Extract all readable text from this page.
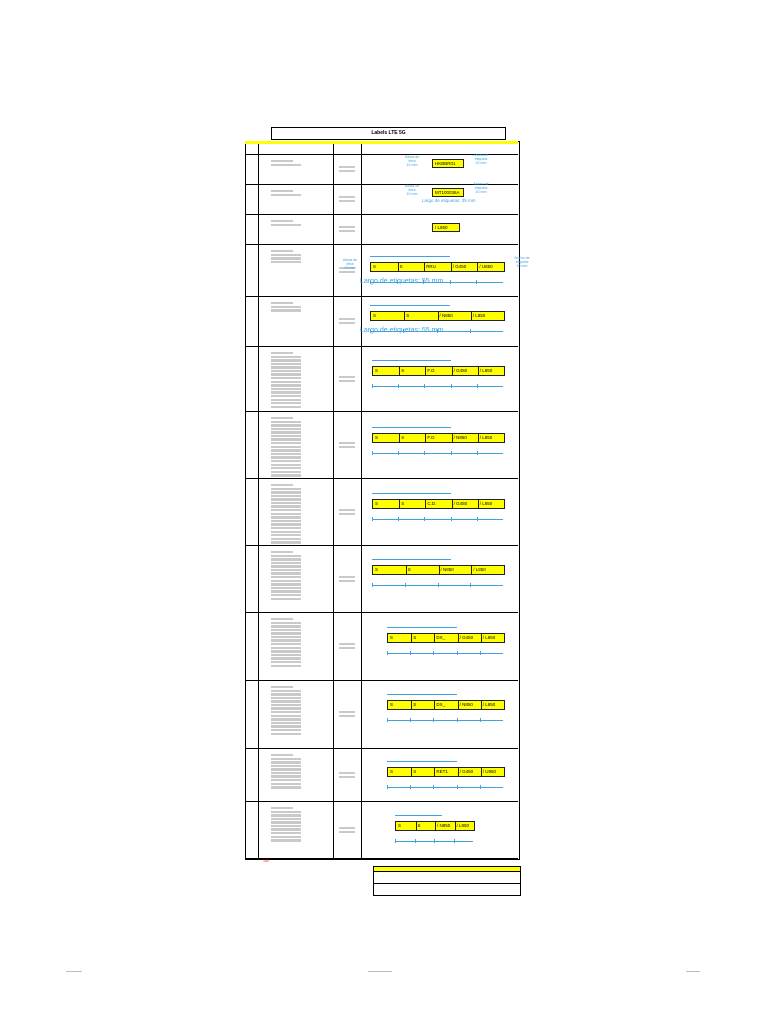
Labels LTE 5G
HKBBR01
Altura de
letra
10 mm
Ancho de
etiqueta
20 mm
MT100036A
Altura de
letra
10 mm
Ancho de
etiqueta
20 mm
Largo de etiquetas: 35 mm
/ L850
S	S	RRU	/ G450	/ U850
Altura de
letra
10 mm
Ancho de
etiqueta
20 mm
Largo de etiquetas: 55 mm
S	S	/ N850	/ L850
Largo de etiquetas: 55 mm
S	S	F.O.	/ G450	/ L850
S	S	F.O.	/ N850	/ L850
S	S	C.D.	/ G450	/ L850
S	S	/ N850	/ L850
S	S	DX_	/ G450 / L850
S	S	DX_	/ N850 / L850
S	S	RET1	/ G450 / U850
S	S	/ N850 / L850
180
